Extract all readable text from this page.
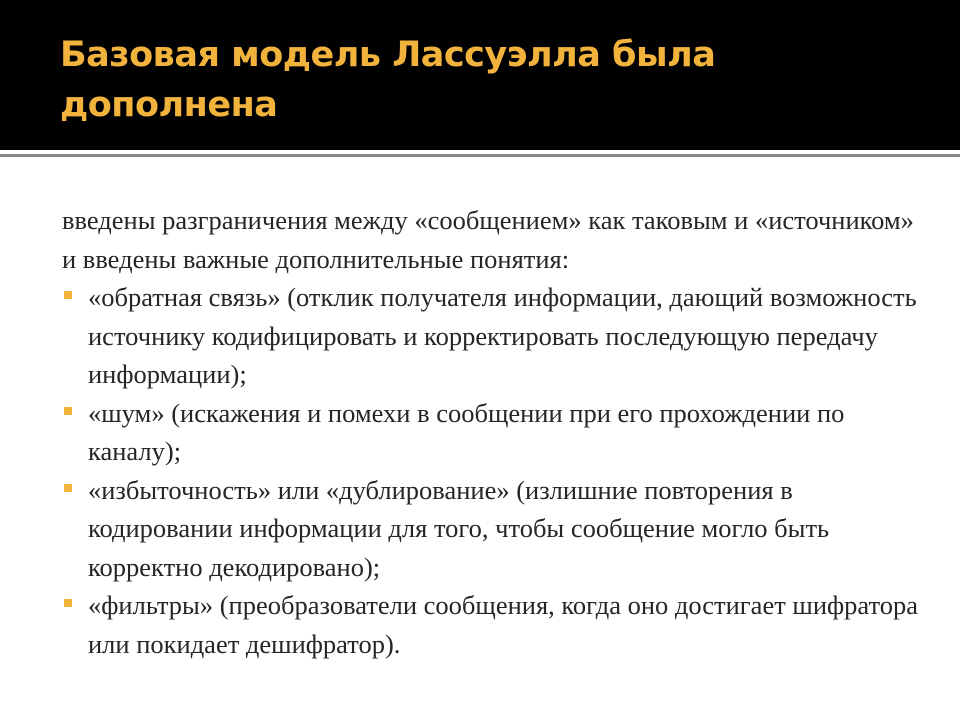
Базовая модель Лассуэлла была дополнена

введены разграничения между «сообщением» как таковым и «источником» и введены важные дополнительные понятия:

«обратная связь» (отклик получателя информации, дающий возможность источнику кодифицировать и корректировать последующую передачу информации);
«шум» (искажения и помехи в сообщении при его прохождении по каналу);
«избыточность» или «дублирование» (излишние повторения в кодировании информации для того, чтобы сообщение могло быть корректно декодировано);
«фильтры» (преобразователи сообщения, когда оно достигает шифратора или покидает дешифратор).
